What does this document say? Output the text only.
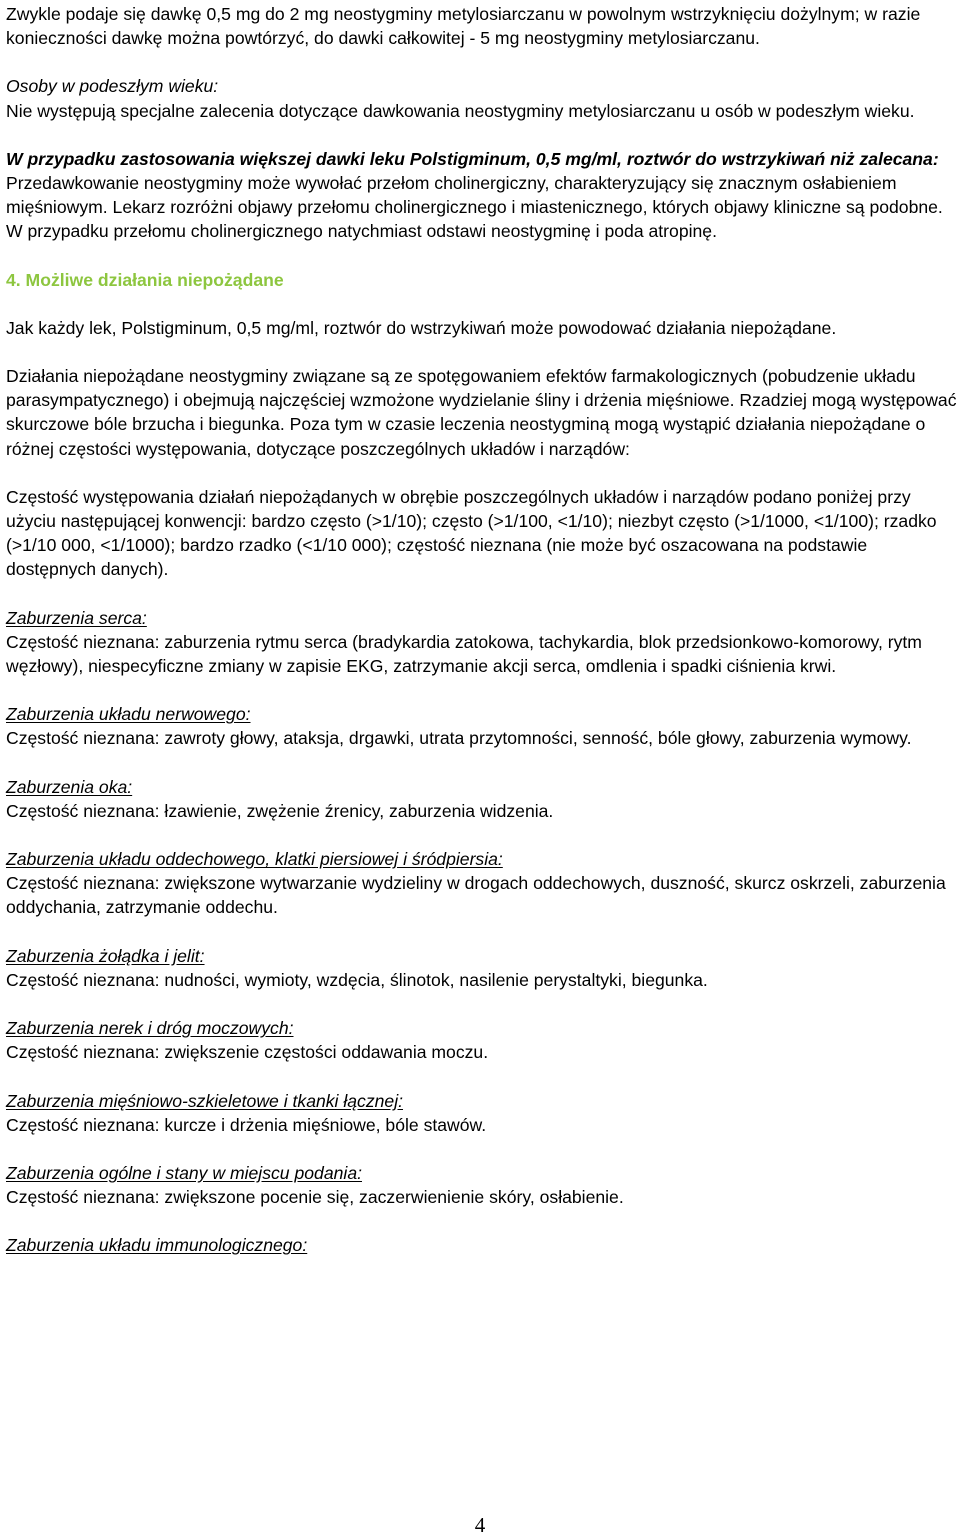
Zwykle podaje się dawkę 0,5 mg do 2 mg neostygminy metylosiarczanu w powolnym wstrzyknięciu dożylnym; w razie konieczności dawkę można powtórzyć, do dawki całkowitej - 5 mg neostygminy metylosiarczanu.

Osoby w podeszłym wieku:

Nie występują specjalne zalecenia dotyczące dawkowania neostygminy metylosiarczanu u osób w podeszłym wieku.

W przypadku zastosowania większej dawki leku Polstigminum, 0,5 mg/ml, roztwór do wstrzykiwań niż zalecana:

Przedawkowanie neostygminy może wywołać przełom cholinergiczny, charakteryzujący się znacznym osłabieniem mięśniowym. Lekarz rozróżni objawy przełomu cholinergicznego i miastenicznego, których objawy kliniczne są podobne. W przypadku przełomu cholinergicznego natychmiast odstawi neostygminę i poda atropinę.

4. Możliwe działania niepożądane

Jak każdy lek, Polstigminum, 0,5 mg/ml, roztwór do wstrzykiwań może powodować działania niepożądane.

Działania niepożądane neostygminy związane są ze spotęgowaniem efektów farmakologicznych (pobudzenie układu parasympatycznego) i obejmują najczęściej wzmożone wydzielanie śliny i drżenia mięśniowe. Rzadziej mogą występować skurczowe bóle brzucha i biegunka. Poza tym w czasie leczenia neostygminą mogą wystąpić działania niepożądane o różnej częstości występowania, dotyczące poszczególnych układów i narządów:

Częstość występowania działań niepożądanych w obrębie poszczególnych układów i narządów podano poniżej przy użyciu następującej konwencji: bardzo często (>1/10); często (>1/100, <1/10); niezbyt często (>1/1000, <1/100); rzadko (>1/10 000, <1/1000); bardzo rzadko (<1/10 000); częstość nieznana (nie może być oszacowana na podstawie dostępnych danych).

Zaburzenia serca:

Częstość nieznana: zaburzenia rytmu serca (bradykardia zatokowa, tachykardia, blok przedsionkowo-komorowy, rytm węzłowy), niespecyficzne zmiany w zapisie EKG, zatrzymanie akcji serca, omdlenia i spadki ciśnienia krwi.

Zaburzenia układu nerwowego:

Częstość nieznana: zawroty głowy, ataksja, drgawki, utrata przytomności, senność, bóle głowy, zaburzenia wymowy.

Zaburzenia oka:

Częstość nieznana: łzawienie, zwężenie źrenicy, zaburzenia widzenia.

Zaburzenia układu oddechowego, klatki piersiowej i śródpiersia:

Częstość nieznana: zwiększone wytwarzanie wydzieliny w drogach oddechowych, duszność, skurcz oskrzeli, zaburzenia oddychania, zatrzymanie oddechu.

Zaburzenia żołądka i jelit:

Częstość nieznana: nudności, wymioty, wzdęcia, ślinotok, nasilenie perystaltyki, biegunka.

Zaburzenia nerek i dróg moczowych:

Częstość nieznana: zwiększenie częstości oddawania moczu.

Zaburzenia mięśniowo-szkieletowe i tkanki łącznej:

Częstość nieznana: kurcze i drżenia mięśniowe, bóle stawów.

Zaburzenia ogólne i stany w miejscu podania:

Częstość nieznana: zwiększone pocenie się, zaczerwienienie skóry, osłabienie.

Zaburzenia układu immunologicznego:

4
